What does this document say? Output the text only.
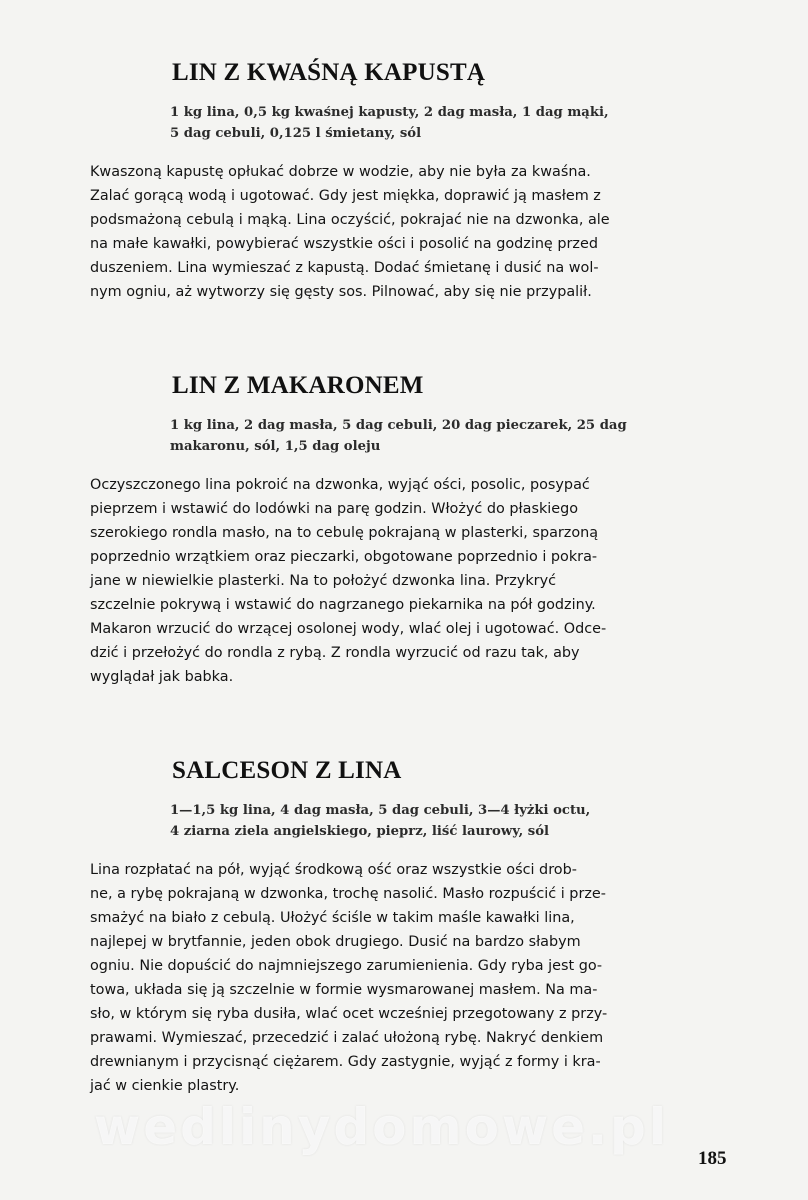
LIN Z KWAŚNĄ KAPUSTĄ
1 kg lina, 0,5 kg kwaśnej kapusty, 2 dag masła, 1 dag mąki,
5 dag cebuli, 0,125 l śmietany, sól
Kwaszoną kapustę opłukać dobrze w wodzie, aby nie była za kwaśna.
Zalać gorącą wodą i ugotować. Gdy jest miękka, doprawić ją masłem z
podsmażoną cebulą i mąką. Lina oczyścić, pokrajać nie na dzwonka, ale
na małe kawałki, powybierać wszystkie ości i posolić na godzinę przed
duszeniem. Lina wymieszać z kapustą. Dodać śmietanę i dusić na wol-
nym ogniu, aż wytworzy się gęsty sos. Pilnować, aby się nie przypalił.
LIN Z MAKARONEM
1 kg lina, 2 dag masła, 5 dag cebuli, 20 dag pieczarek, 25 dag
makaronu, sól, 1,5 dag oleju
Oczyszczonego lina pokroić na dzwonka, wyjąć ości, posolic, posypać
pieprzem i wstawić do lodówki na parę godzin. Włożyć do płaskiego
szerokiego rondla masło, na to cebulę pokrajaną w plasterki, sparzoną
poprzednio wrzątkiem oraz pieczarki, obgotowane poprzednio i pokra-
jane w niewielkie plasterki. Na to położyć dzwonka lina. Przykryć
szczelnie pokrywą i wstawić do nagrzanego piekarnika na pół godziny.
Makaron wrzucić do wrzącej osolonej wody, wlać olej i ugotować. Odce-
dzić i przełożyć do rondla z rybą. Z rondla wyrzucić od razu tak, aby
wyglądał jak babka.
SALCESON Z LINA
1—1,5 kg lina, 4 dag masła, 5 dag cebuli, 3—4 łyżki octu,
4 ziarna ziela angielskiego, pieprz, liść laurowy, sól
Lina rozpłatać na pół, wyjąć środkową ość oraz wszystkie ości drob-
ne, a rybę pokrajaną w dzwonka, trochę nasolić. Masło rozpuścić i prze-
smażyć na biało z cebulą. Ułożyć ściśle w takim maśle kawałki lina,
najlepej w brytfannie, jeden obok drugiego. Dusić na bardzo słabym
ogniu. Nie dopuścić do najmniejszego zarumienienia. Gdy ryba jest go-
towa, układa się ją szczelnie w formie wysmarowanej masłem. Na ma-
sło, w którym się ryba dusiła, wlać ocet wcześniej przegotowany z przy-
prawami. Wymieszać, przecedzić i zalać ułożoną rybę. Nakryć denkiem
drewnianym i przycisnąć ciężarem. Gdy zastygnie, wyjąć z formy i kra-
jać w cienkie plastry.
wedlinydomowe.pl
185
